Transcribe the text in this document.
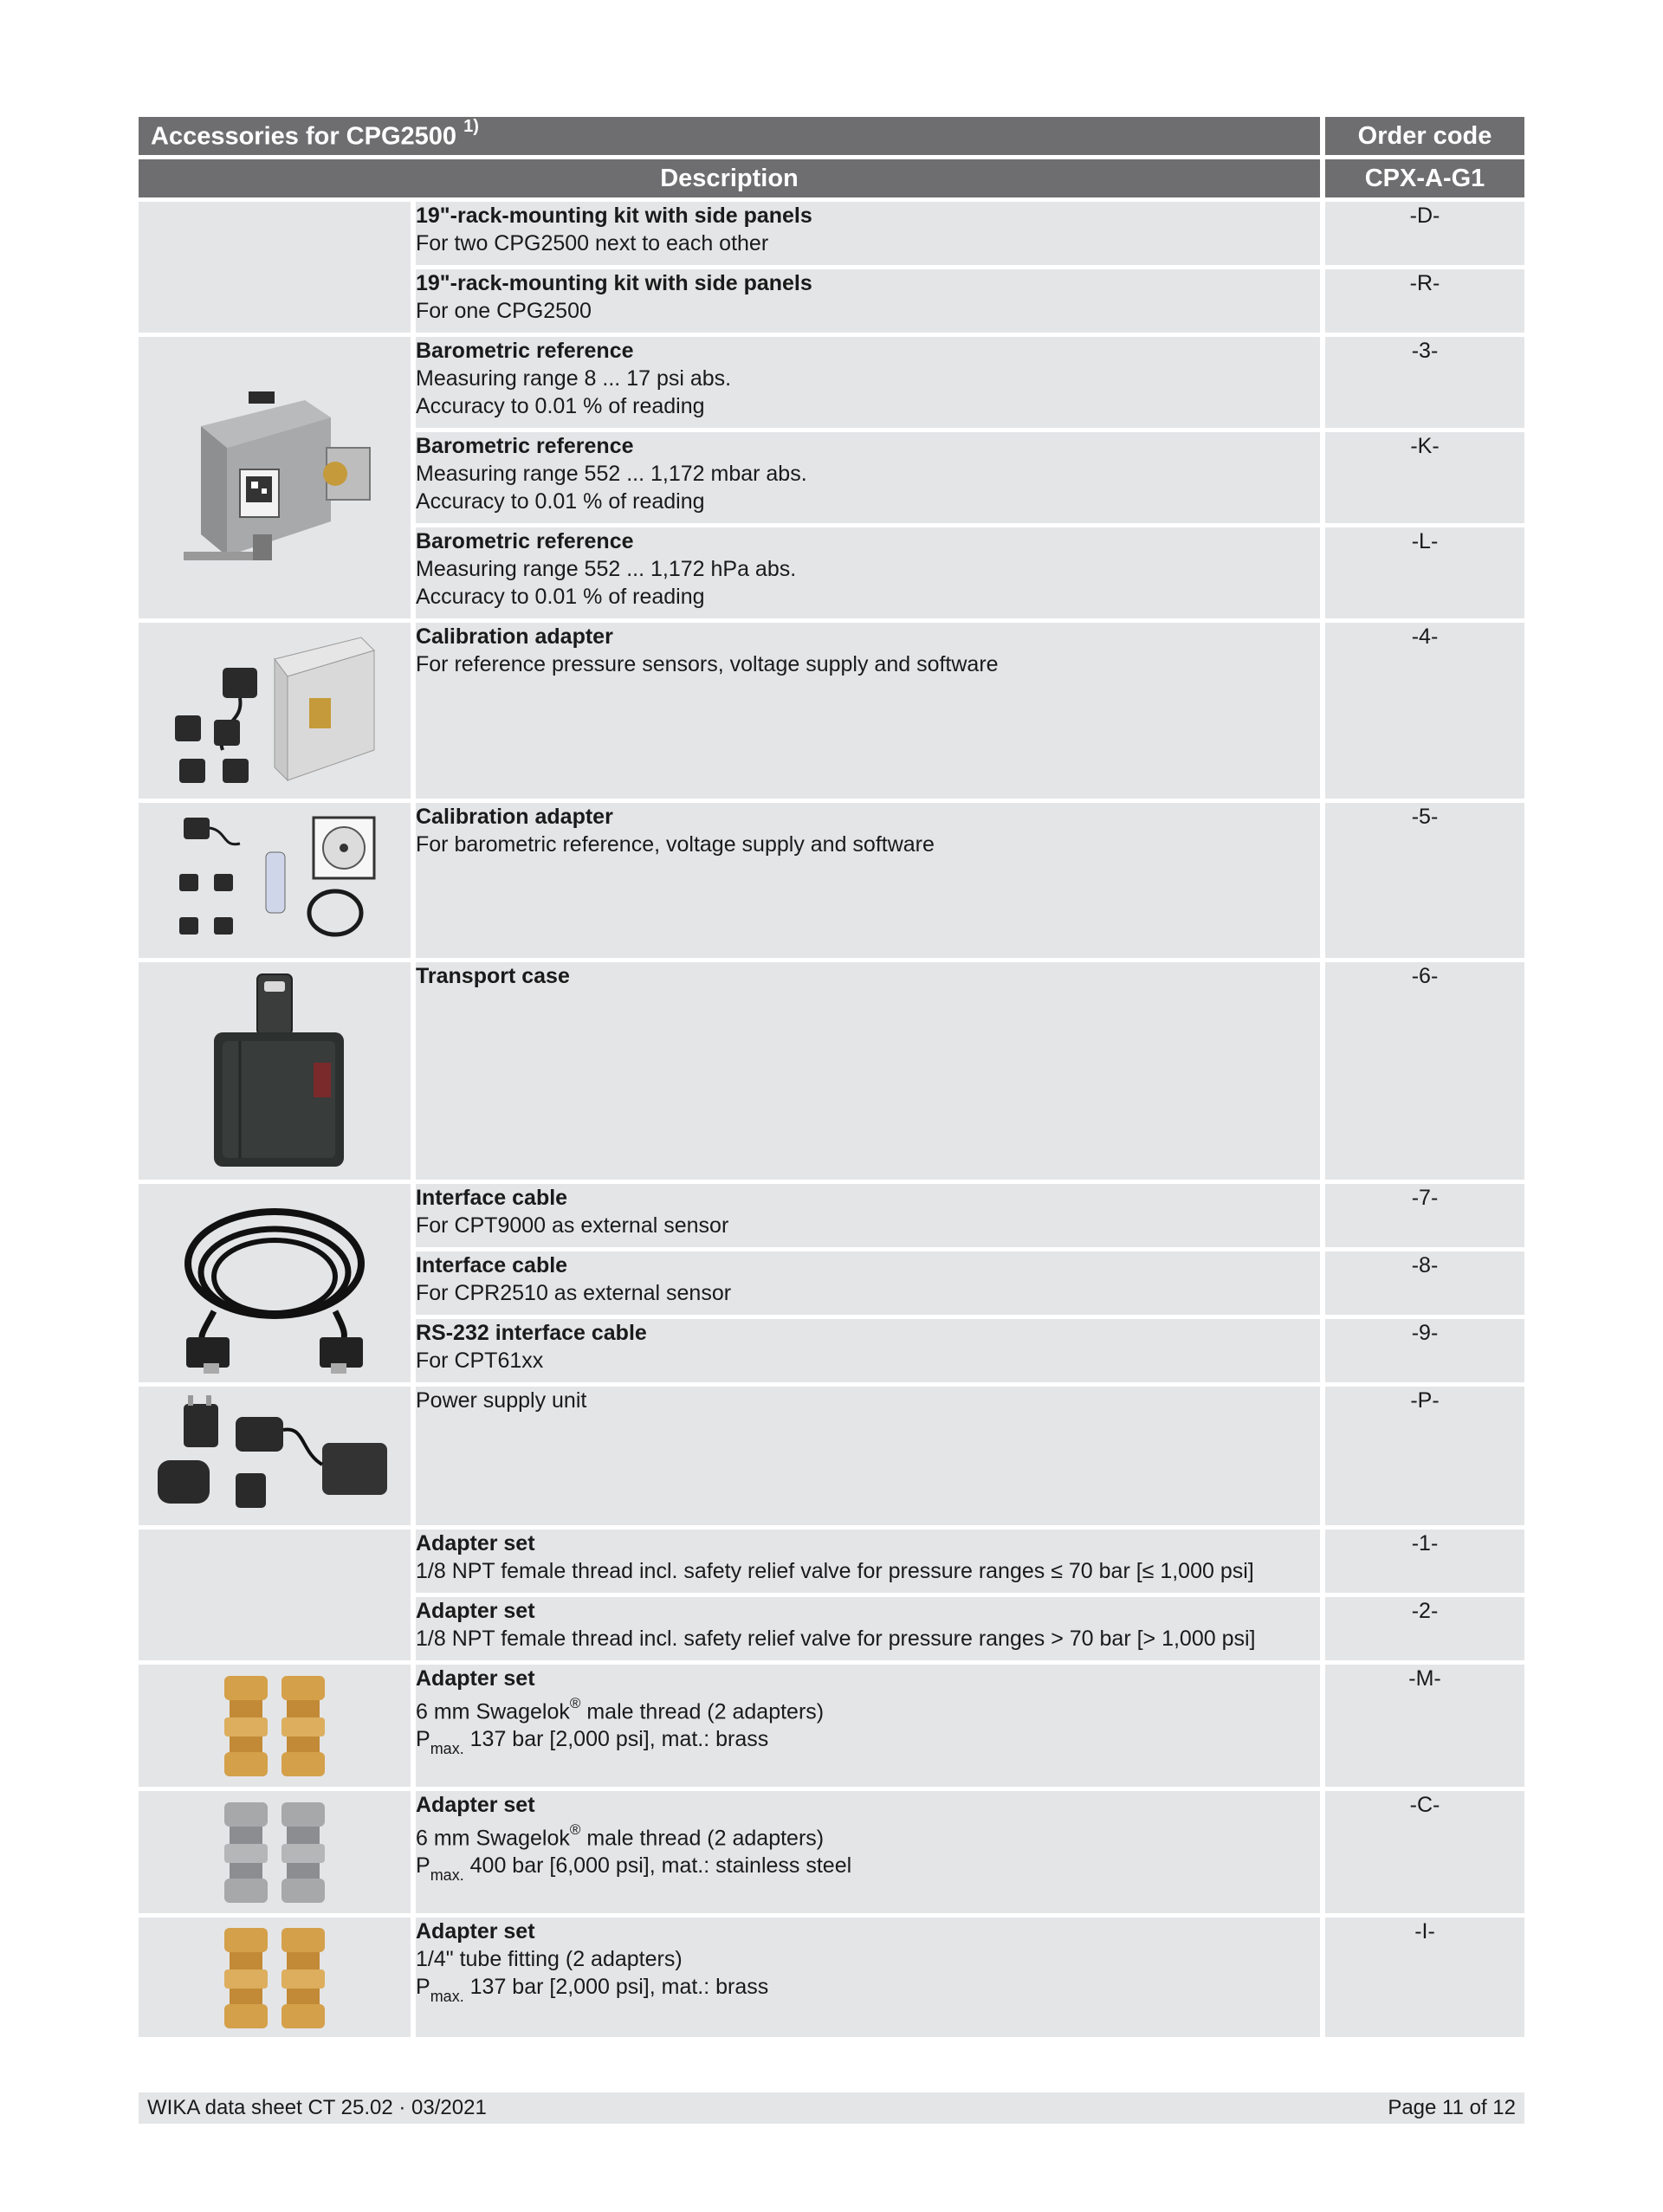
Accessories for CPG2500 $^{1)}$		Order code
Description		CPX-A-G1

	19"-rack-mounting kit with side panels
For two CPG2500 next to each other	-D-

	19"-rack-mounting kit with side panels
For one CPG2500	-R-

Barometric reference
Measuring range 8 ... 17 psi abs.
Accuracy to 0.01 % of reading	-3-

	Barometric reference
Measuring range 552 ... 1,172 mbar abs.
Accuracy to 0.01 % of reading	-K-

	Barometric reference
Measuring range 552 ... 1,172 hPa abs.
Accuracy to 0.01 % of reading	-L-

Calibration adapter
For reference pressure sensors, voltage supply and software	-4-

Calibration adapter
For barometric reference, voltage supply and software	-5-

Transport case	-6-

Interface cable
For CPT9000 as external sensor	-7-

	Interface cable
For CPR2510 as external sensor	-8-

	RS-232 interface cable
For CPT61xx	-9-

Power supply unit	-P-

	Adapter set
1/8 NPT female thread incl. safety relief valve for pressure ranges ≤ 70 bar [≤ 1,000 psi]	-1-

	Adapter set
1/8 NPT female thread incl. safety relief valve for pressure ranges > 70 bar [> 1,000 psi]	-2-

Adapter set
6 mm Swagelok® male thread (2 adapters)
$P_{max.}$ 137 bar [2,000 psi], mat.: brass	-M-

Adapter set
6 mm Swagelok® male thread (2 adapters)
$P_{max.}$ 400 bar [6,000 psi], mat.: stainless steel	-C-

Adapter set
1/4" tube fitting (2 adapters)
$P_{max.}$ 137 bar [2,000 psi], mat.: brass	-I-
WIKA data sheet CT 25.02 · 03/2021	Page 11 of 12
